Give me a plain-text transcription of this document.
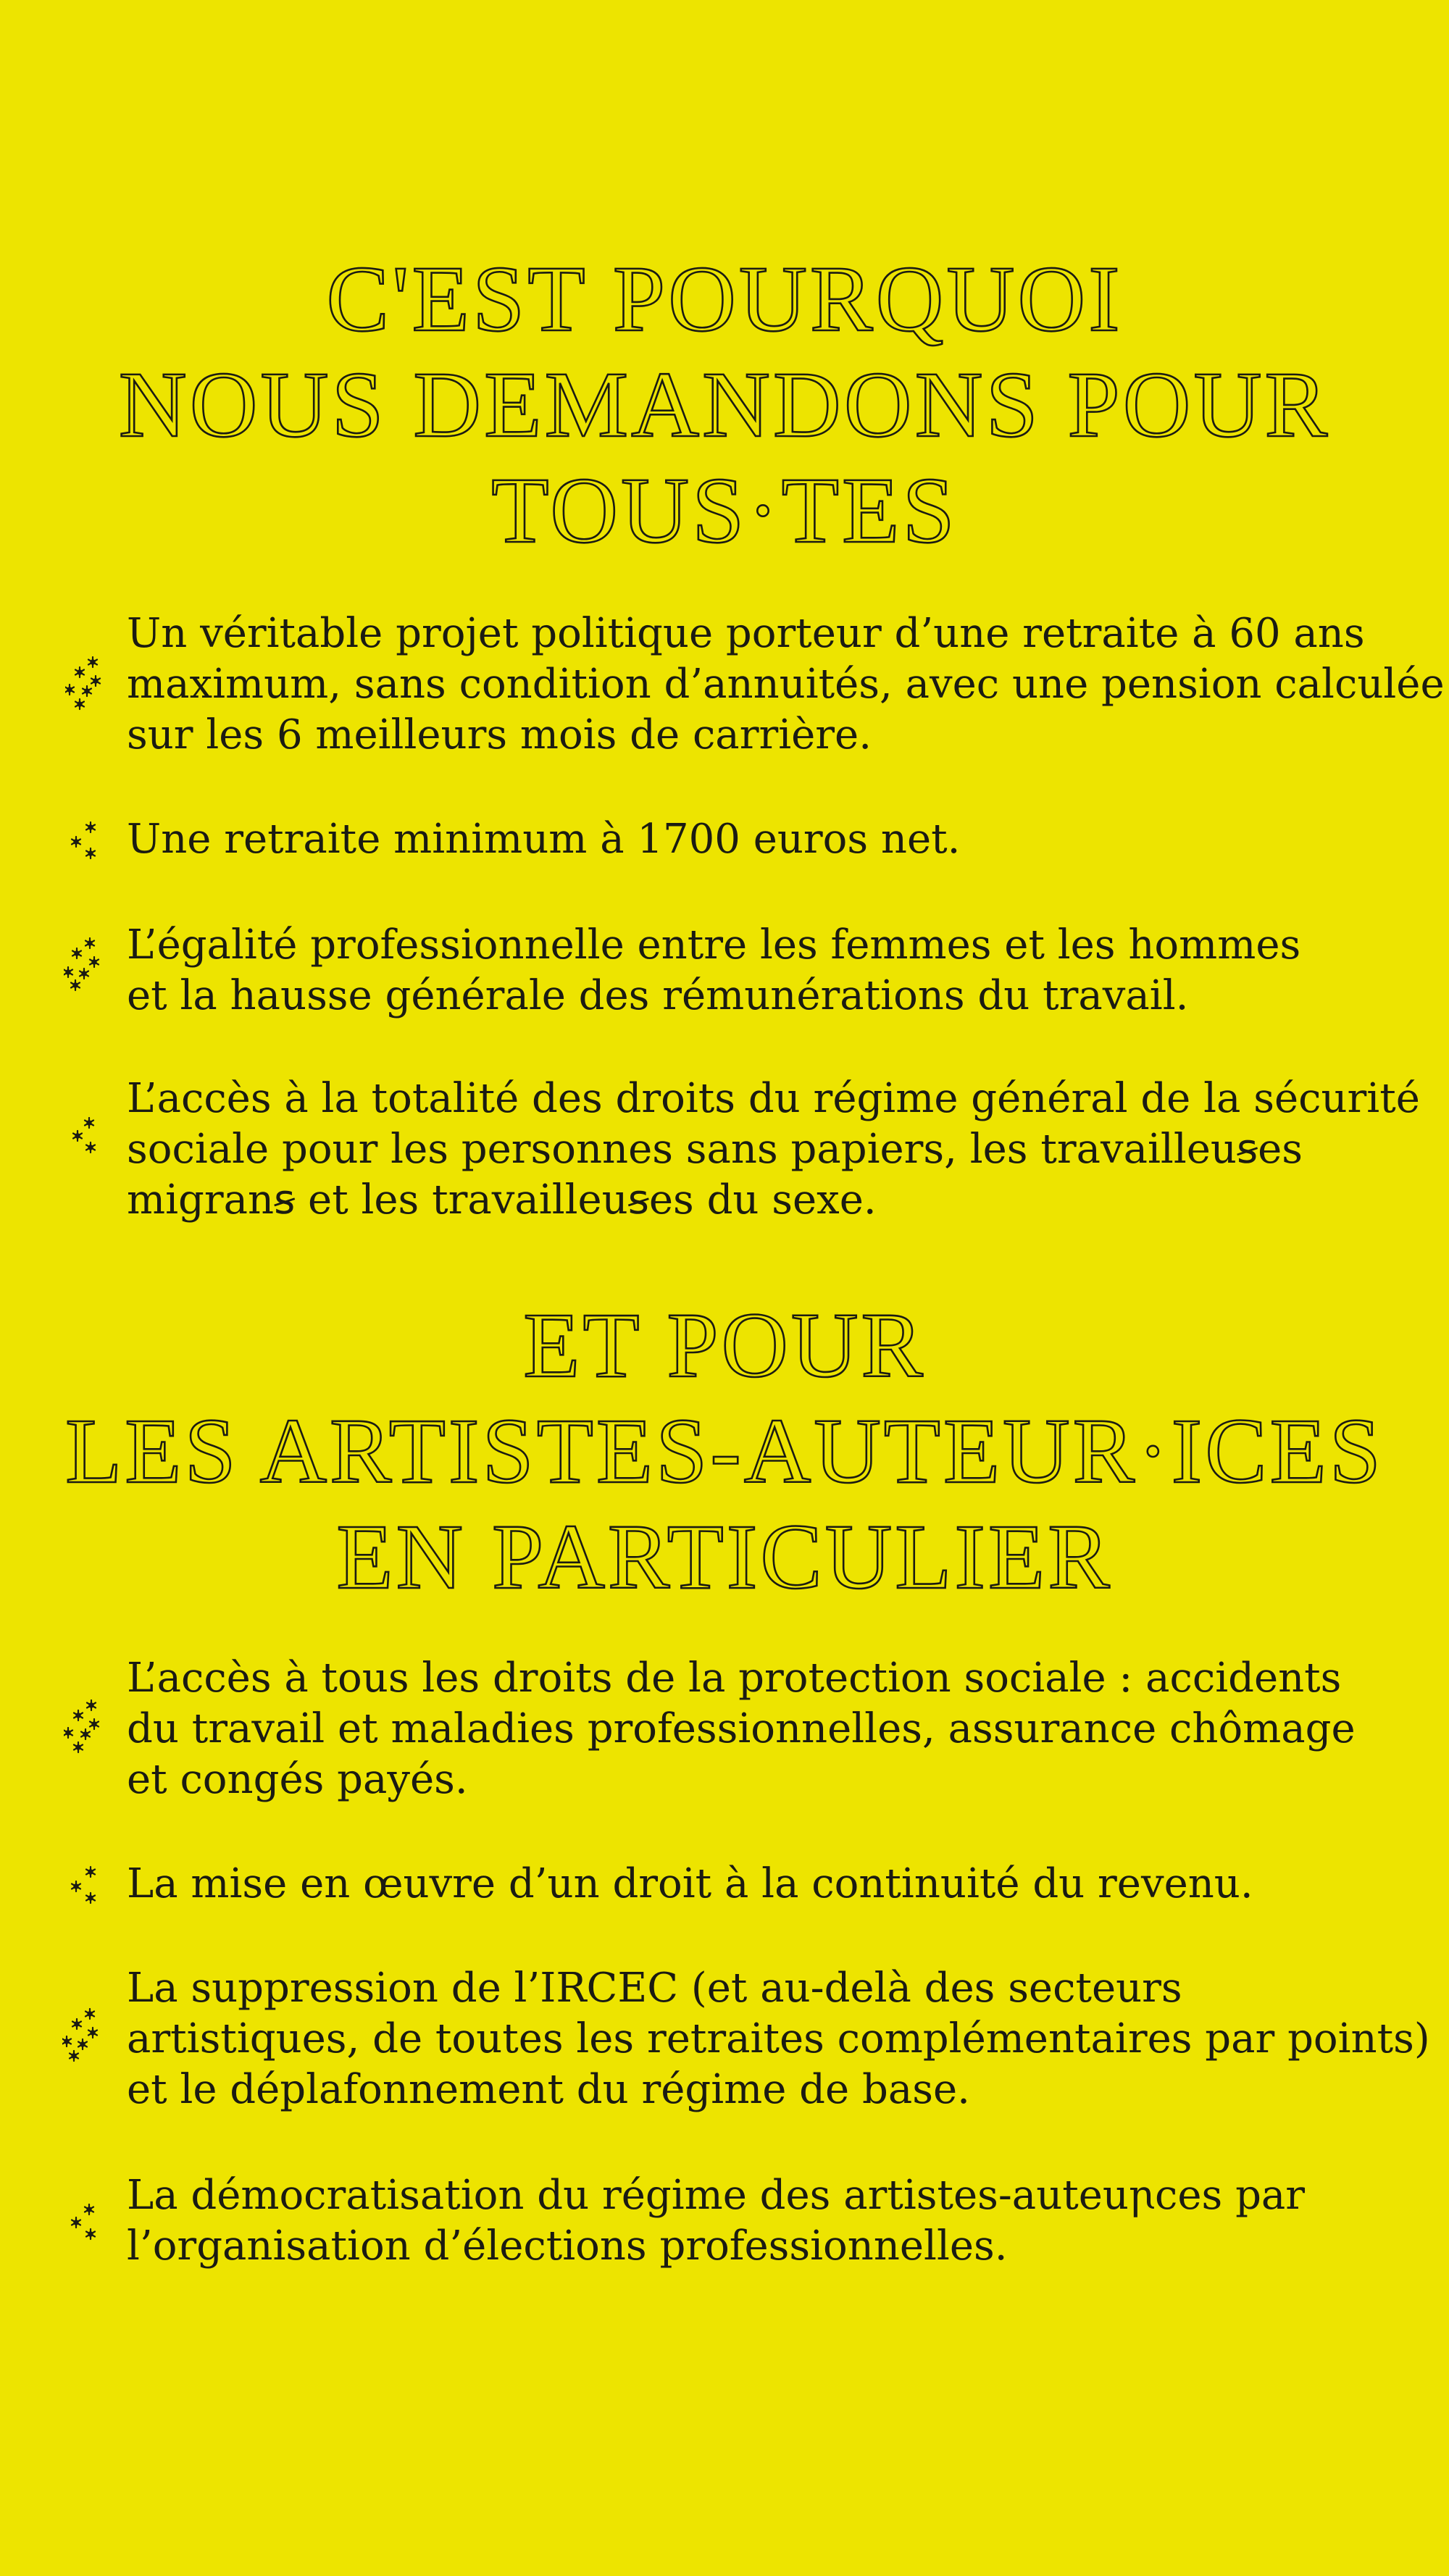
C'EST POURQUOI
NOUS DEMANDONS POUR
TOUS·TES
Un véritable projet politique porteur d’une retraite à 60 ans
maximum, sans condition d’annuités, avec une pension calculée
sur les 6 meilleurs mois de carrière.
Une retraite minimum à 1700 euros net.
L’égalité professionnelle entre les femmes et les hommes
et la hausse générale des rémunérations du travail.
L’accès à la totalité des droits du régime général de la sécurité
sociale pour les personnes sans papiers, les travailleuꞩes
migranꞩ et les travailleuꞩes du sexe.
ET POUR
LES ARTISTES-AUTEUR·ICES
EN PARTICULIER
L’accès à tous les droits de la protection sociale : accidents
du travail et maladies professionnelles, assurance chômage
et congés payés.
La mise en œuvre d’un droit à la continuité du revenu.
La suppression de l’IRCEC (et au-delà des secteurs
artistiques, de toutes les retraites complémentaires par points)
et le déplafonnement du régime de base.
La démocratisation du régime des artistes-auteuꞃces par
l’organisation d’élections professionnelles.
